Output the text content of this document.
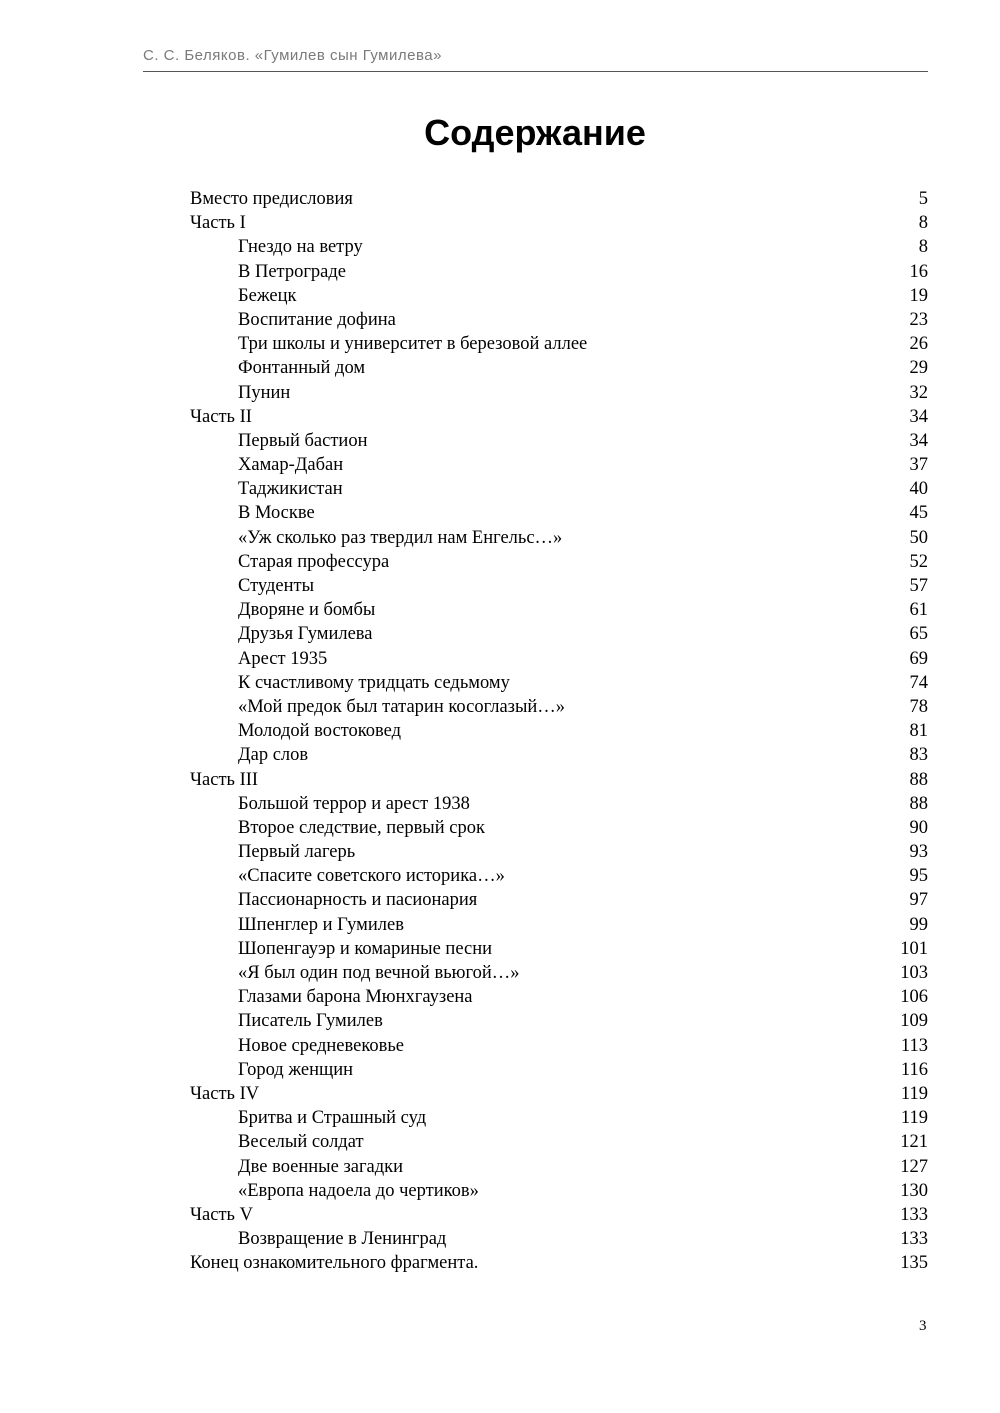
С. С. Беляков. «Гумилев сын Гумилева»
Содержание
Вместо предисловия	5
Часть I	8
Гнездо на ветру	8
В Петрограде	16
Бежецк	19
Воспитание дофина	23
Три школы и университет в березовой аллее	26
Фонтанный дом	29
Пунин	32
Часть II	34
Первый бастион	34
Хамар-Дабан	37
Таджикистан	40
В Москве	45
«Уж сколько раз твердил нам Енгельс…»	50
Старая профессура	52
Студенты	57
Дворяне и бомбы	61
Друзья Гумилева	65
Арест 1935	69
К счастливому тридцать седьмому	74
«Мой предок был татарин косоглазый…»	78
Молодой востоковед	81
Дар слов	83
Часть III	88
Большой террор и арест 1938	88
Второе следствие, первый срок	90
Первый лагерь	93
«Спасите советского историка…»	95
Пассионарность и пасионария	97
Шпенглер и Гумилев	99
Шопенгауэр и комариные песни	101
«Я был один под вечной вьюгой…»	103
Глазами барона Мюнхгаузена	106
Писатель Гумилев	109
Новое средневековье	113
Город женщин	116
Часть IV	119
Бритва и Страшный суд	119
Веселый солдат	121
Две военные загадки	127
«Европа надоела до чертиков»	130
Часть V	133
Возвращение в Ленинград	133
Конец ознакомительного фрагмента.	135
3
